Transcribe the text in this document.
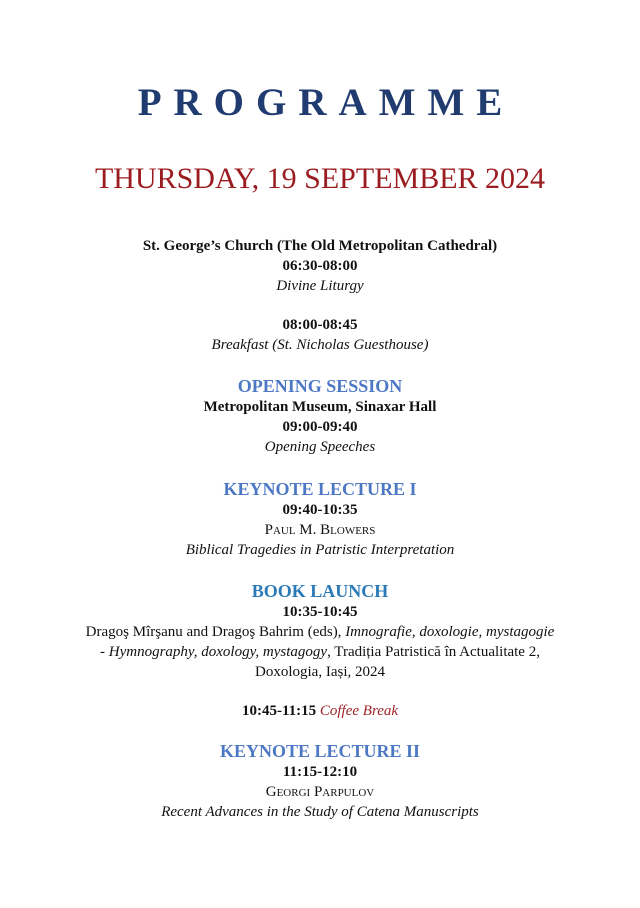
PROGRAMME
THURSDAY, 19 SEPTEMBER 2024
St. George’s Church (The Old Metropolitan Cathedral)
06:30-08:00
Divine Liturgy
08:00-08:45
Breakfast (St. Nicholas Guesthouse)
OPENING SESSION
Metropolitan Museum, Sinaxar Hall
09:00-09:40
Opening Speeches
KEYNOTE LECTURE I
09:40-10:35
Paul M. Blowers
Biblical Tragedies in Patristic Interpretation
BOOK LAUNCH
10:35-10:45
Dragoş Mîrşanu and Dragoş Bahrim (eds), Imnografie, doxologie, mystagogie
- Hymnography, doxology, mystagogy, Tradiția Patristică în Actualitate 2,
Doxologia, Iași, 2024
10:45-11:15 Coffee Break
KEYNOTE LECTURE II
11:15-12:10
Georgi Parpulov
Recent Advances in the Study of Catena Manuscripts
